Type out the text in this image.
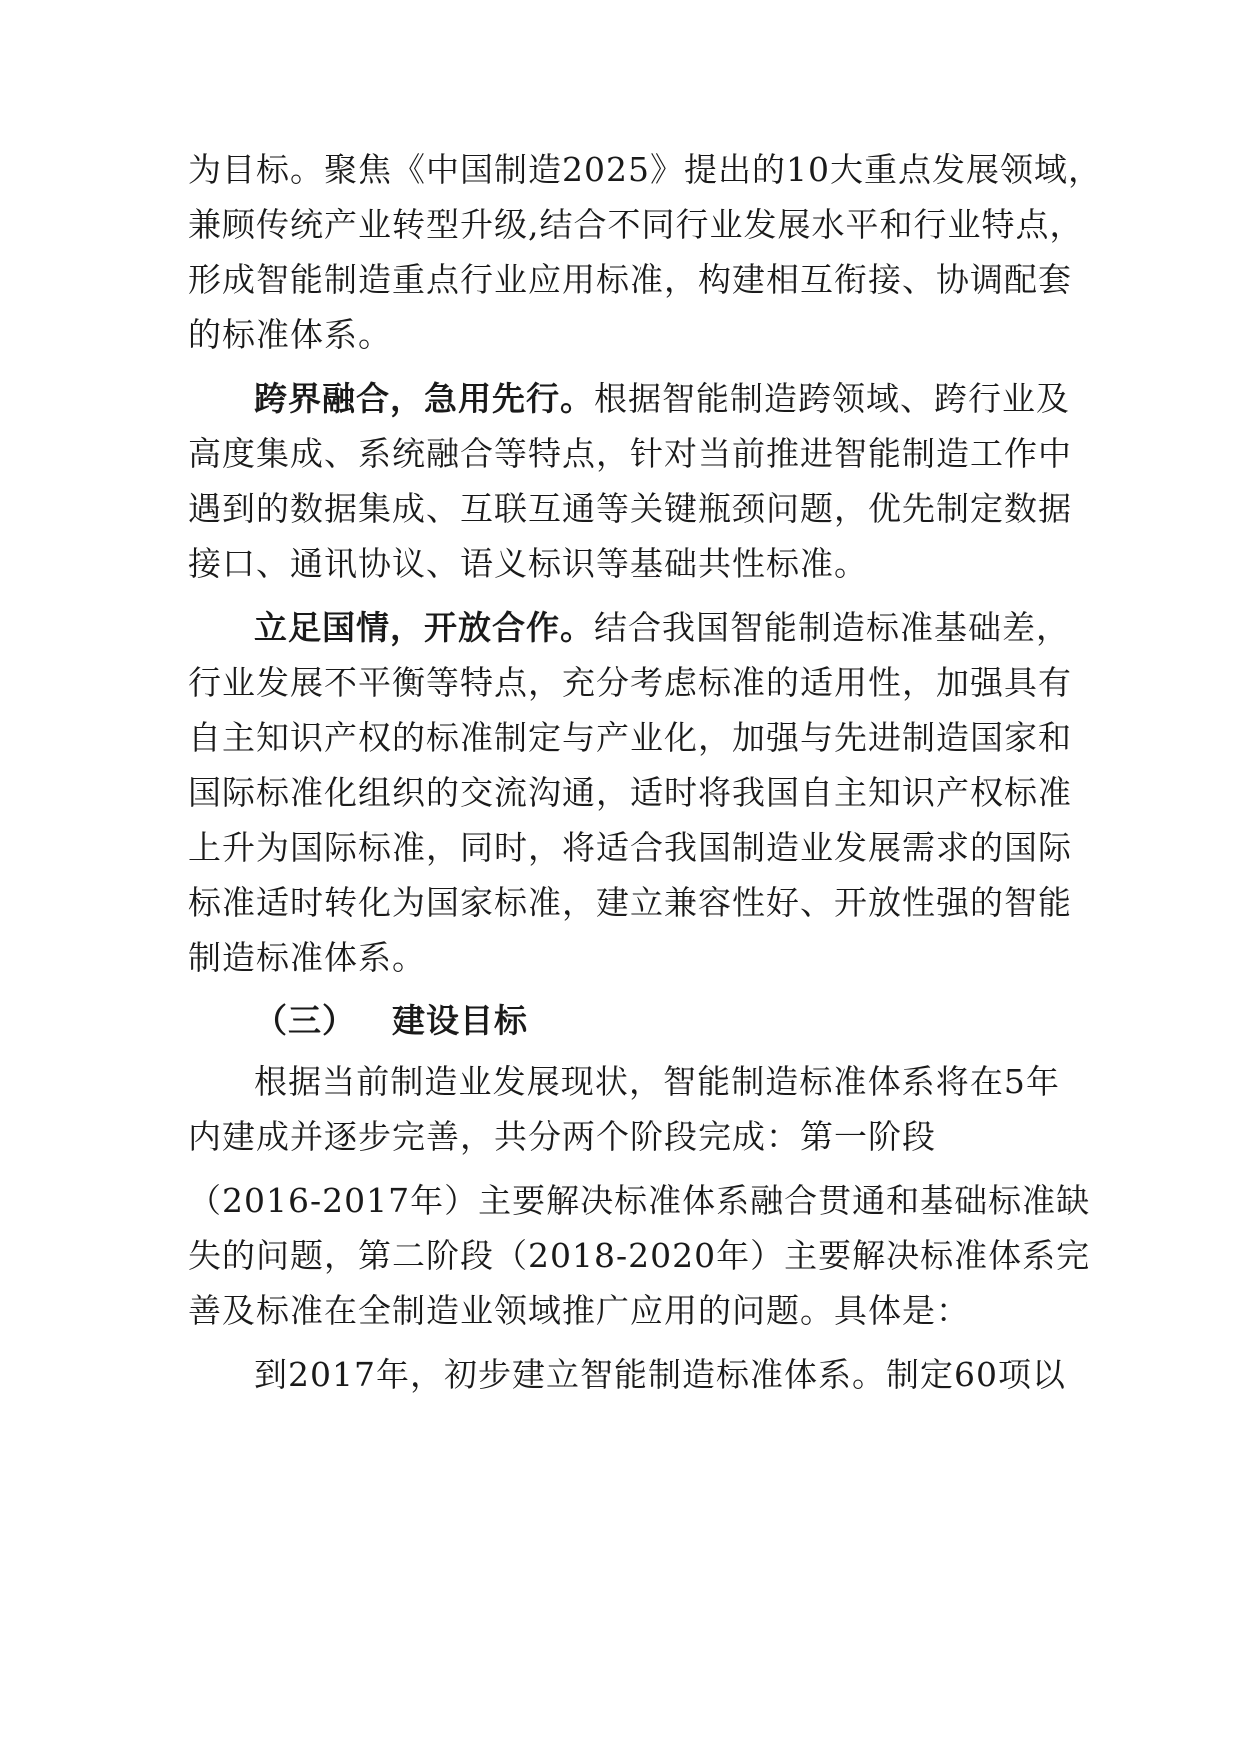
为目标。聚焦《中国制造2025》提出的10大重点发展领域，
兼顾传统产业转型升级,结合不同行业发展水平和行业特点，
形成智能制造重点行业应用标准，构建相互衔接、协调配套
的标准体系。
跨界融合，急用先行。根据智能制造跨领域、跨行业及
高度集成、系统融合等特点，针对当前推进智能制造工作中
遇到的数据集成、互联互通等关键瓶颈问题，优先制定数据
接口、通讯协议、语义标识等基础共性标准。
立足国情，开放合作。结合我国智能制造标准基础差，
行业发展不平衡等特点，充分考虑标准的适用性，加强具有
自主知识产权的标准制定与产业化，加强与先进制造国家和
国际标准化组织的交流沟通，适时将我国自主知识产权标准
上升为国际标准，同时，将适合我国制造业发展需求的国际
标准适时转化为国家标准，建立兼容性好、开放性强的智能
制造标准体系。
（三） 建设目标
根据当前制造业发展现状，智能制造标准体系将在5年
内建成并逐步完善，共分两个阶段完成：第一阶段
（2016-2017年）主要解决标准体系融合贯通和基础标准缺
失的问题，第二阶段（2018-2020年）主要解决标准体系完
善及标准在全制造业领域推广应用的问题。具体是：
到2017年，初步建立智能制造标准体系。制定60项以
